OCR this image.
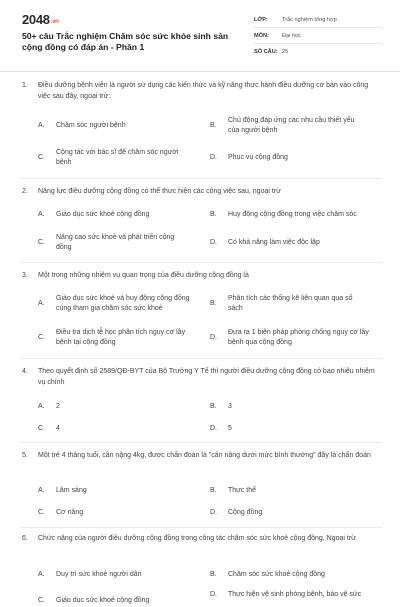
2048.vn
50+ câu Trắc nghiệm Chăm sóc sức khỏe sinh sản cộng đồng có đáp án - Phần 1
LỚP:	Trắc nghiệm tổng hợp
MÔN:	Đại học
SỐ CÂU: 25
1.	Điều dưỡng bệnh viện là người sử dụng các kiến thức và kỹ năng thực hành điều dưỡng cơ bản vào công việc sau đây, ngoại trừ:
A.	Chăm sóc người bệnh	B.
Chủ động đáp ứng các nhu cầu thiết yếu của người bệnh
C.
Cộng tác với bác sĩ để chăm sóc người bệnh
D.	Phục vụ cộng đồng
2.	Năng lực điều dưỡng cộng đồng có thể thực hiện các công việc sau, ngoại trừ
A.	Giáo dục sức khoẻ cộng đồng	B.	Huy động cộng đồng trong việc chăm sóc
C.
Năng cao sức khoẻ và phát triển cộng đồng
D.	Có khả năng làm việc độc lập
3.	Một trong những nhiệm vụ quan trọng của điều dưỡng cộng đồng là
A.
Giáo dục sức khoẻ và huy động cộng đồng cùng tham gia chăm sóc sức khoẻ
B.
Phân tích các thống kê liên quan qua số sách
C.
Điều tra dịch tễ học phân tích nguy cơ lây bệnh tại cộng đồng
D.
Đưa ra 1 biện pháp phòng chống nguy cơ lây bệnh qua cộng đồng
4.	Theo quyết định số 2589/QĐ-BYT của Bộ Trưởng Y Tế thì người điều dưỡng cộng đồng có bao nhiêu nhiệm vụ chính
A.	2	B.	3
C.	4	D.	5
5.	Một trẻ 4 tháng tuổi, cân nặng 4kg, được chẩn đoán là "cân nặng dưới mức bình thường" đây là chẩn đoán
A.	Lâm sàng	B.	Thực thể
C.	Cơ năng	D.	Cộng đồng
6.	Chức năng của người điều dưỡng cộng đồng trong công tác chăm sóc sức khoẻ cộng đồng, Ngoại trừ.
A.	Duy trì sức khoẻ người dân	B.	Chăm sóc sức khoẻ cộng đồng
C.	Giáo dục sức khoẻ cộng đồng
D.	Thực hiện vệ sinh phòng bệnh, bảo vệ sức
